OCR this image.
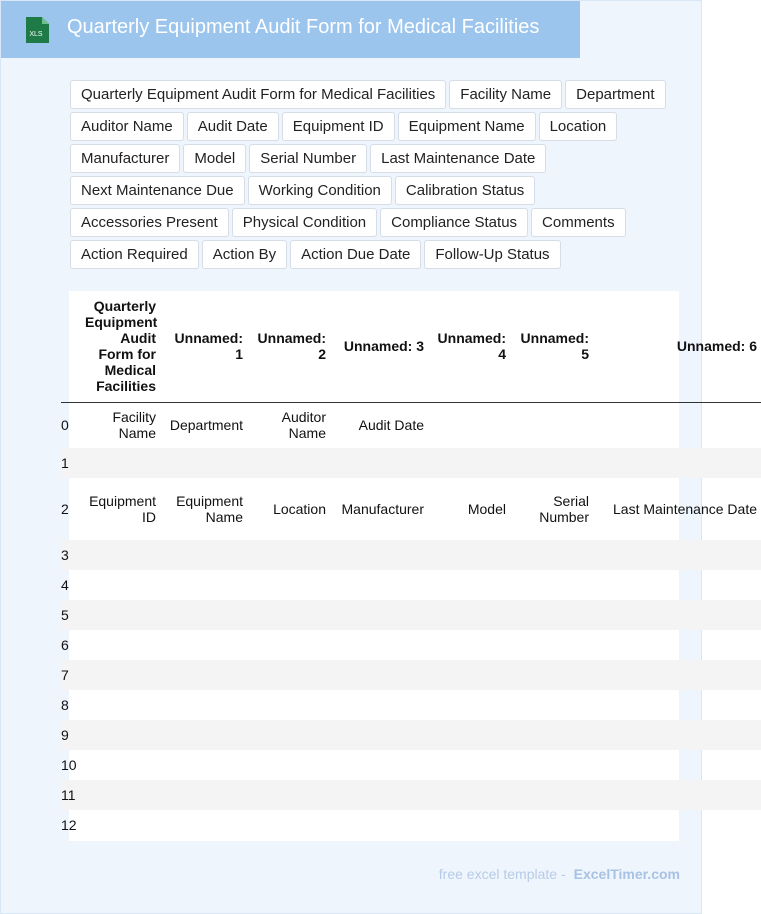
XLS Quarterly Equipment Audit Form for Medical Facilities
Quarterly Equipment Audit Form for Medical Facilities	Facility Name	Department
Auditor Name	Audit Date	Equipment ID	Equipment Name	Location
Manufacturer	Model	Serial Number	Last Maintenance Date
Next Maintenance Due	Working Condition	Calibration Status
Accessories Present	Physical Condition	Compliance Status	Comments
Action Required	Action By	Action Due Date	Follow-Up Status
	Quarterly Equipment Audit Form for Medical Facilities	Unnamed: 1	Unnamed: 2	Unnamed: 3	Unnamed: 4	Unnamed: 5	Unnamed: 6
0	Facility Name	Department	Auditor Name	Audit Date			
1							
2	Equipment ID	Equipment Name	Location	Manufacturer	Model	Serial Number	Last Maintenance Date
3							
4							
5							
6							
7							
8							
9							
10							
11							
12							
free excel template - ExcelTimer.com
